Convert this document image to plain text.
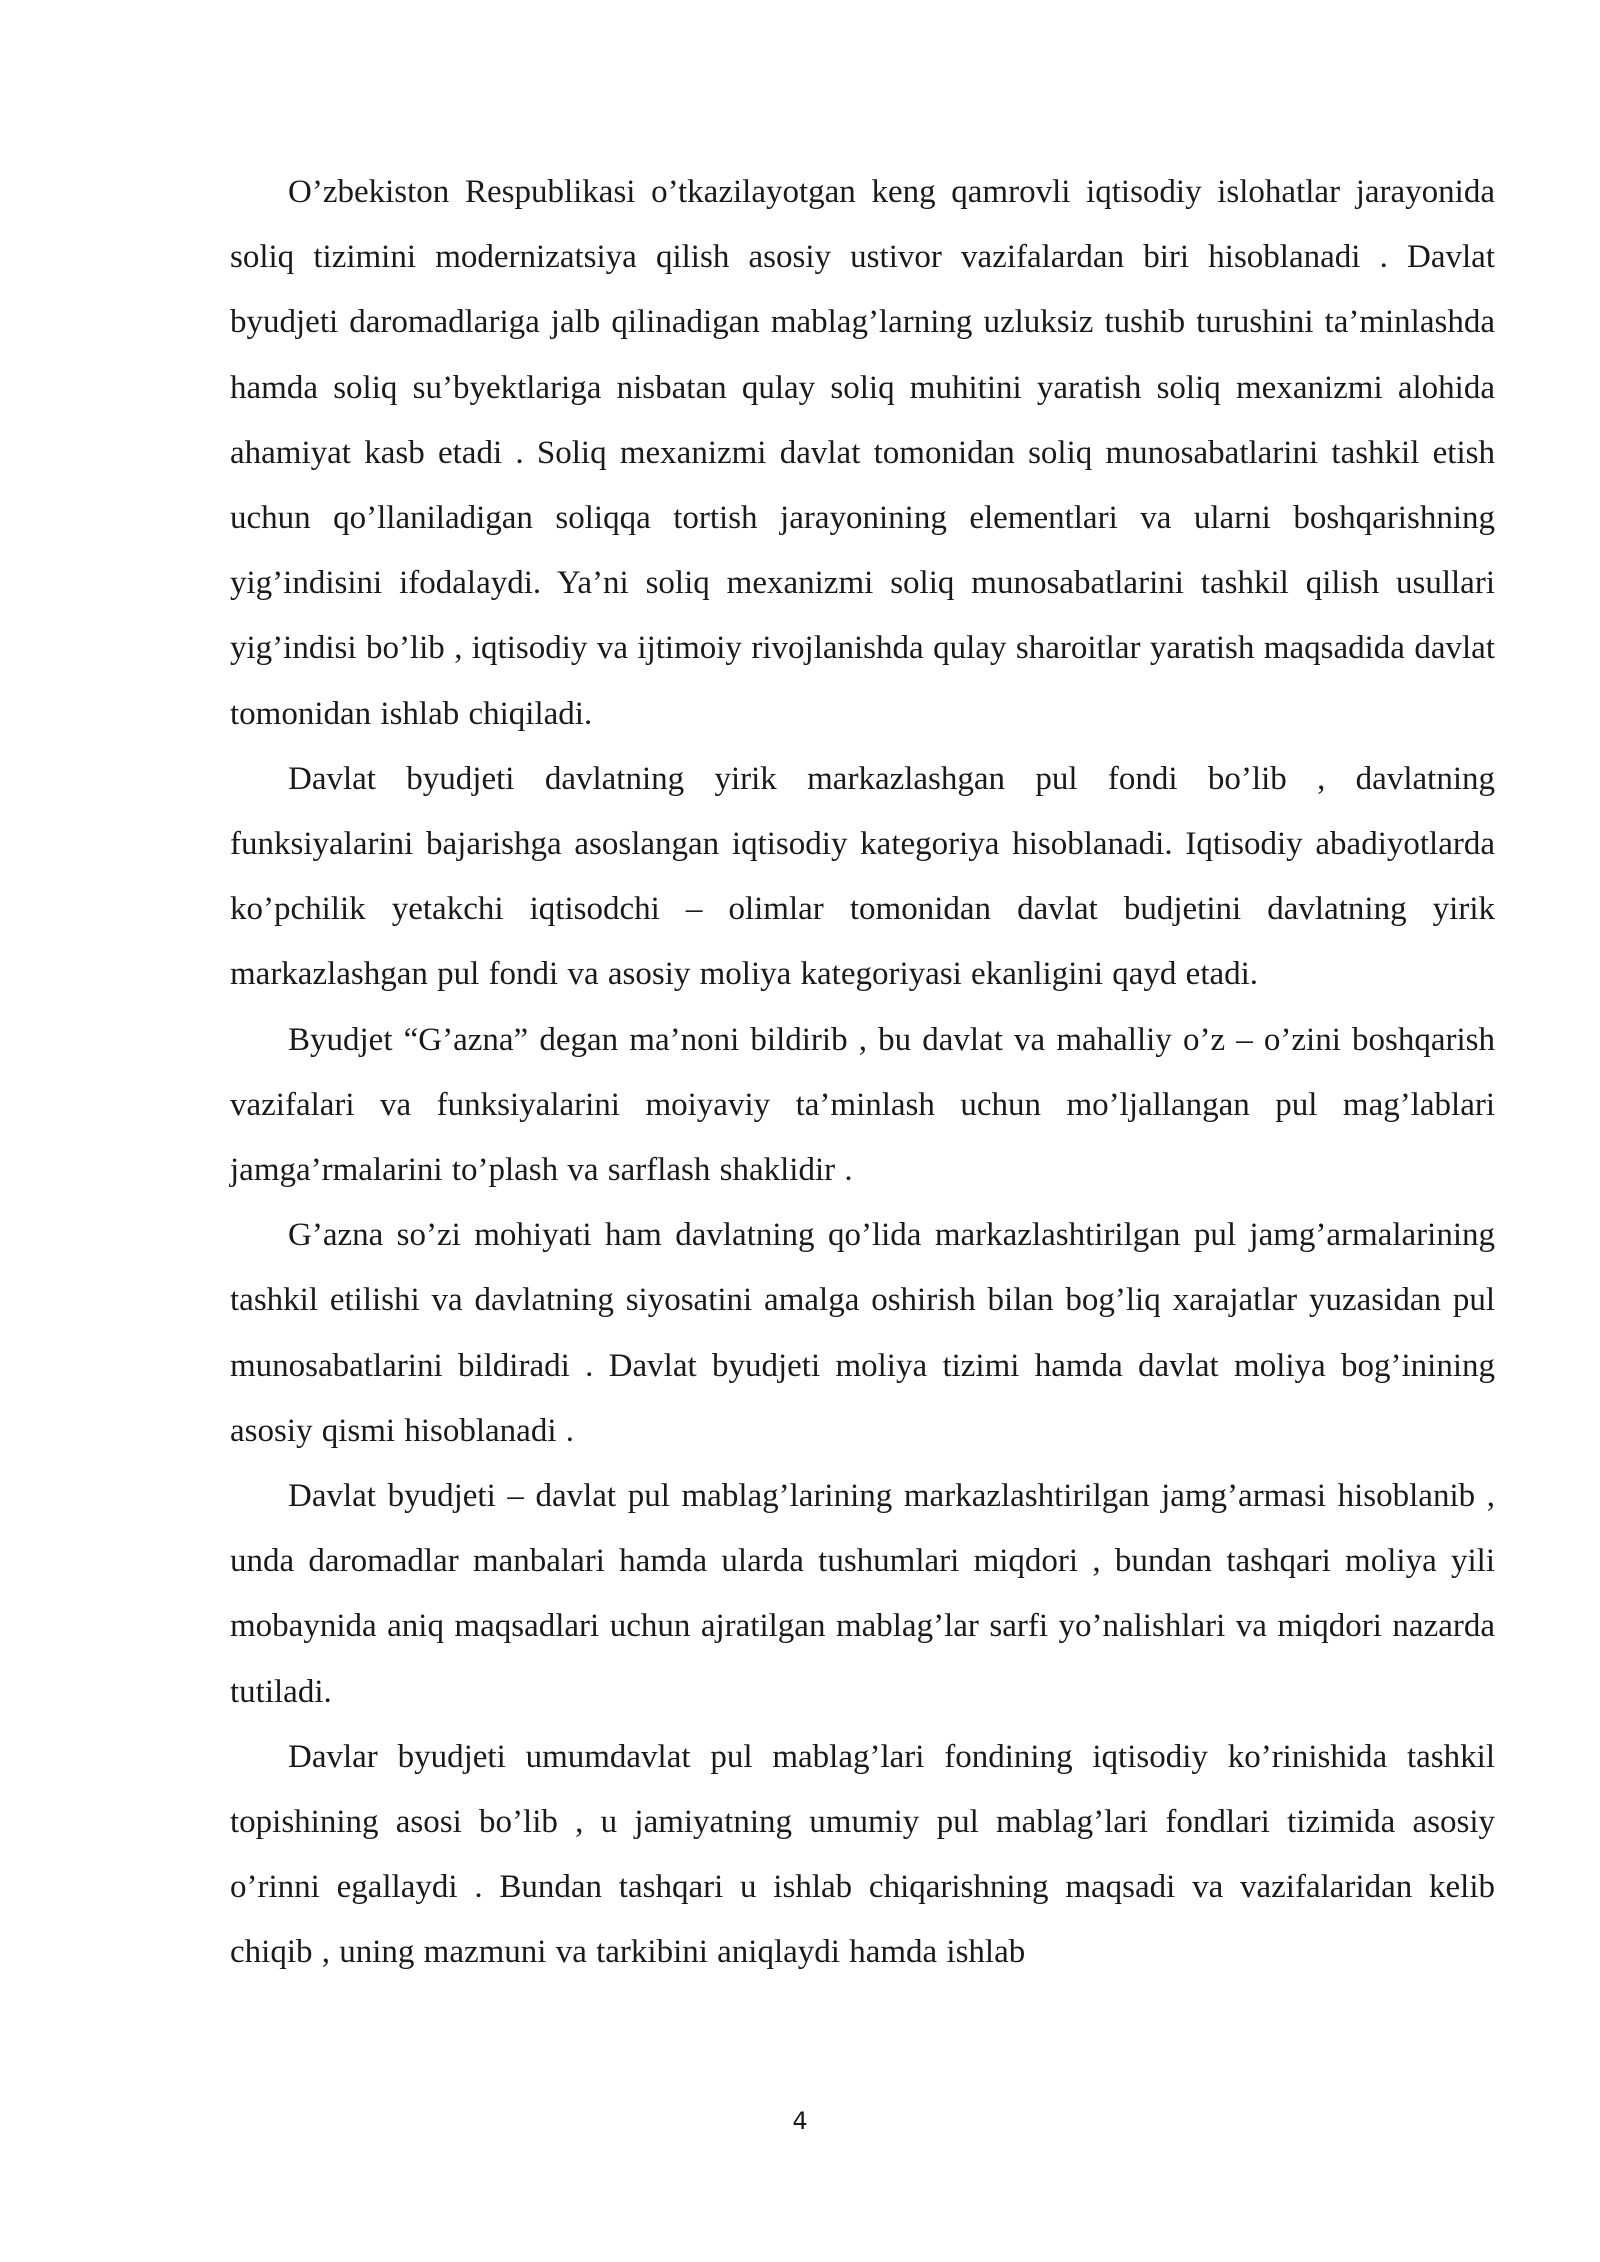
O’zbekiston Respublikasi o’tkazilayotgan keng qamrovli iqtisodiy islohatlar jarayonida soliq tizimini modernizatsiya qilish asosiy ustivor vazifalardan biri hisoblanadi . Davlat byudjeti daromadlariga jalb qilinadigan mablag’larning uzluksiz tushib turushini ta’minlashda hamda soliq su’byektlariga nisbatan qulay soliq muhitini yaratish soliq mexanizmi alohida ahamiyat kasb etadi . Soliq mexanizmi davlat tomonidan soliq munosabatlarini tashkil etish uchun qo’llaniladigan soliqqa tortish jarayonining elementlari va ularni boshqarishning yig’indisini ifodalaydi. Ya’ni soliq mexanizmi soliq munosabatlarini tashkil qilish usullari yig’indisi bo’lib , iqtisodiy va ijtimoiy rivojlanishda qulay sharoitlar yaratish maqsadida davlat tomonidan ishlab chiqiladi.

Davlat byudjeti davlatning yirik markazlashgan pul fondi bo’lib , davlatning funksiyalarini bajarishga asoslangan iqtisodiy kategoriya hisoblanadi. Iqtisodiy abadiyotlarda ko’pchilik yetakchi iqtisodchi – olimlar tomonidan davlat budjetini davlatning yirik markazlashgan pul fondi va asosiy moliya kategoriyasi ekanligini qayd etadi.

Byudjet “G’azna” degan ma’noni bildirib , bu davlat va mahalliy o’z – o’zini boshqarish vazifalari va funksiyalarini moiyaviy ta’minlash uchun mo’ljallangan pul mag’lablari jamga’rmalarini to’plash va sarflash shaklidir .

G’azna so’zi mohiyati ham davlatning qo’lida markazlashtirilgan pul jamg’armalarining tashkil etilishi va davlatning siyosatini amalga oshirish bilan bog’liq xarajatlar yuzasidan pul munosabatlarini bildiradi . Davlat byudjeti moliya tizimi hamda davlat moliya bog’inining asosiy qismi hisoblanadi .

Davlat byudjeti – davlat pul mablag’larining markazlashtirilgan jamg’armasi hisoblanib , unda daromadlar manbalari hamda ularda tushumlari miqdori , bundan tashqari moliya yili mobaynida aniq maqsadlari uchun ajratilgan mablag’lar sarfi yo’nalishlari va miqdori nazarda tutiladi.

Davlar byudjeti umumdavlat pul mablag’lari fondining iqtisodiy ko’rinishida tashkil topishining asosi bo’lib , u jamiyatning umumiy pul mablag’lari fondlari tizimida asosiy o’rinni egallaydi . Bundan tashqari u ishlab chiqarishning maqsadi va vazifalaridan kelib chiqib , uning mazmuni va tarkibini aniqlaydi hamda ishlab

4
